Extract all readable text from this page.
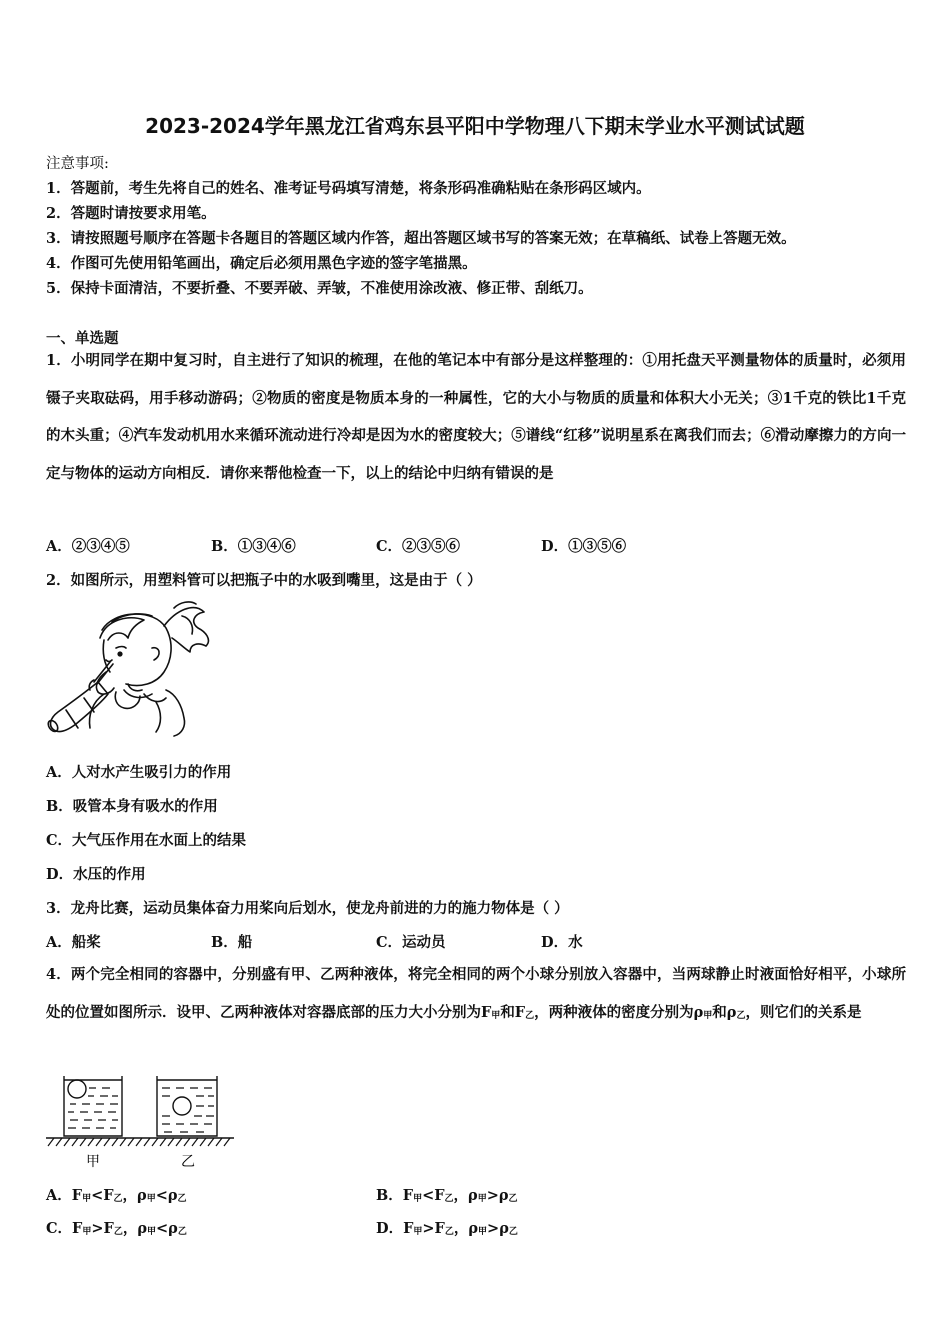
2023-2024学年黑龙江省鸡东县平阳中学物理八下期末学业水平测试试题
注意事项:
1．答题前，考生先将自己的姓名、准考证号码填写清楚，将条形码准确粘贴在条形码区域内。
2．答题时请按要求用笔。
3．请按照题号顺序在答题卡各题目的答题区域内作答，超出答题区域书写的答案无效；在草稿纸、试卷上答题无效。
4．作图可先使用铅笔画出，确定后必须用黑色字迹的签字笔描黑。
5．保持卡面清洁，不要折叠、不要弄破、弄皱，不准使用涂改液、修正带、刮纸刀。
一、单选题
1．小明同学在期中复习时，自主进行了知识的梳理，在他的笔记本中有部分是这样整理的：①用托盘天平测量物体的质量时，必须用镊子夹取砝码，用手移动游码；②物质的密度是物质本身的一种属性，它的大小与物质的质量和体积大小无关；③1千克的铁比1千克的木头重；④汽车发动机用水来循环流动进行冷却是因为水的密度较大；⑤谱线“红移”说明星系在离我们而去；⑥滑动摩擦力的方向一定与物体的运动方向相反．请你来帮他检查一下，以上的结论中归纳有错误的是
A．②③④⑤	B．①③④⑥	C．②③⑤⑥	D．①③⑤⑥
2．如图所示，用塑料管可以把瓶子中的水吸到嘴里，这是由于（ ）
A．人对水产生吸引力的作用
B．吸管本身有吸水的作用
C．大气压作用在水面上的结果
D．水压的作用
3．龙舟比赛，运动员集体奋力用桨向后划水，使龙舟前进的力的施力物体是（ ）
A．船桨	B．船	C．运动员	D．水
4．两个完全相同的容器中，分别盛有甲、乙两种液体，将完全相同的两个小球分别放入容器中，当两球静止时液面恰好相平，小球所处的位置如图所示．设甲、乙两种液体对容器底部的压力大小分别为$F_甲$和$F_乙$，两种液体的密度分别为$\rho_甲$和$\rho_乙$，则它们的关系是
甲	乙
A．$F_甲<F_乙$，$\rho_甲<\rho_乙$	B．$F_甲<F_乙$，$\rho_甲>\rho_乙$
C．$F_甲>F_乙$，$\rho_甲<\rho_乙$	D．$F_甲>F_乙$，$\rho_甲>\rho_乙$
